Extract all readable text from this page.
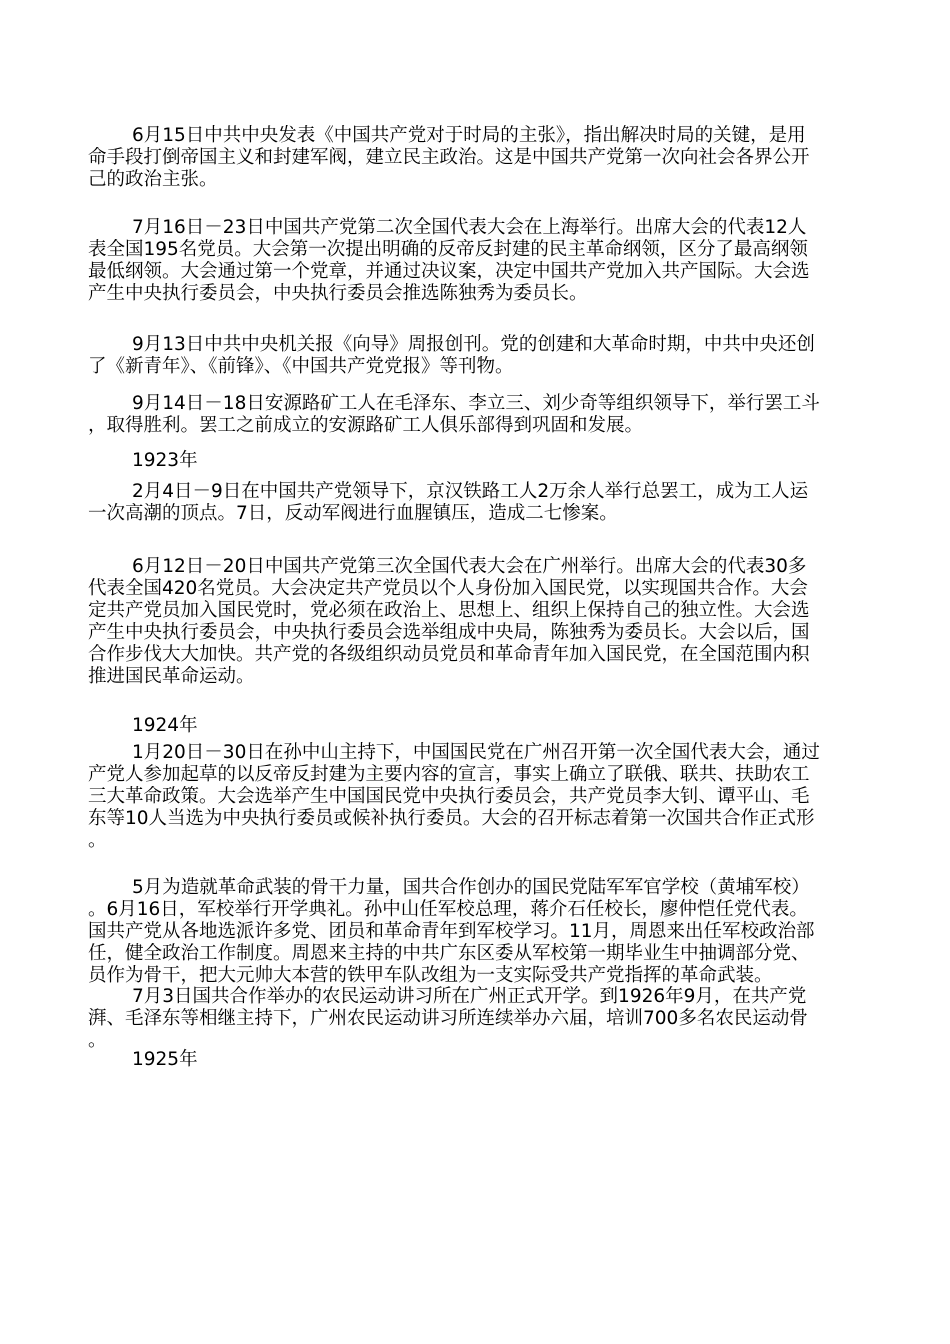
6月15日中共中央发表《中国共产党对于时局的主张》，指出解决时局的关键，是用
命手段打倒帝国主义和封建军阀，建立民主政治。这是中国共产党第一次向社会各界公开
己的政治主张。

7月16日－23日中国共产党第二次全国代表大会在上海举行。出席大会的代表12人
表全国195名党员。大会第一次提出明确的反帝反封建的民主革命纲领，区分了最高纲领
最低纲领。大会通过第一个党章，并通过决议案，决定中国共产党加入共产国际。大会选
产生中央执行委员会，中央执行委员会推选陈独秀为委员长。

9月13日中共中央机关报《向导》周报创刊。党的创建和大革命时期，中共中央还创
了《新青年》、《前锋》、《中国共产党党报》等刊物。

9月14日－18日安源路矿工人在毛泽东、李立三、刘少奇等组织领导下，举行罢工斗
，取得胜利。罢工之前成立的安源路矿工人俱乐部得到巩固和发展。

1923年

2月4日－9日在中国共产党领导下，京汉铁路工人2万余人举行总罢工，成为工人运
一次高潮的顶点。7日，反动军阀进行血腥镇压，造成二七惨案。

6月12日－20日中国共产党第三次全国代表大会在广州举行。出席大会的代表30多
代表全国420名党员。大会决定共产党员以个人身份加入国民党，以实现国共合作。大会
定共产党员加入国民党时，党必须在政治上、思想上、组织上保持自己的独立性。大会选
产生中央执行委员会，中央执行委员会选举组成中央局，陈独秀为委员长。大会以后，国
合作步伐大大加快。共产党的各级组织动员党员和革命青年加入国民党，在全国范围内积
推进国民革命运动。

1924年

1月20日－30日在孙中山主持下，中国国民党在广州召开第一次全国代表大会，通过
产党人参加起草的以反帝反封建为主要内容的宣言，事实上确立了联俄、联共、扶助农工
三大革命政策。大会选举产生中国国民党中央执行委员会，共产党员李大钊、谭平山、毛
东等10人当选为中央执行委员或候补执行委员。大会的召开标志着第一次国共合作正式形
。

5月为造就革命武装的骨干力量，国共合作创办的国民党陆军军官学校（黄埔军校）
。6月16日，军校举行开学典礼。孙中山任军校总理，蒋介石任校长，廖仲恺任党代表。
国共产党从各地选派许多党、团员和革命青年到军校学习。11月，周恩来出任军校政治部
任，健全政治工作制度。周恩来主持的中共广东区委从军校第一期毕业生中抽调部分党、
员作为骨干，把大元帅大本营的铁甲车队改组为一支实际受共产党指挥的革命武装。

7月3日国共合作举办的农民运动讲习所在广州正式开学。到1926年9月，在共产党
湃、毛泽东等相继主持下，广州农民运动讲习所连续举办六届，培训700多名农民运动骨
。

1925年
